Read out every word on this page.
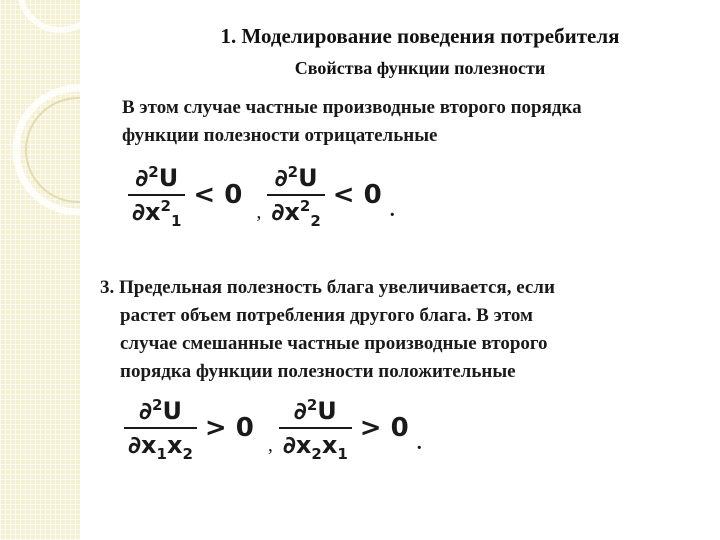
1. Моделирование поведения потребителя
Свойства функции полезности
В этом случае частные производные второго порядка
функции полезности отрицательные
$\frac{\partial^2U}{\partial x^2_1} < 0$, $\frac{\partial^2U}{\partial x^2_2} < 0$ .
3. Предельная полезность блага увеличивается, если

растет объем потребления другого блага. В этом
случае смешанные частные производные второго
порядка функции полезности положительные
$\frac{\partial^2U}{\partial x_1x_2} > 0$, $\frac{\partial^2U}{\partial x_2x_1} > 0$ .
